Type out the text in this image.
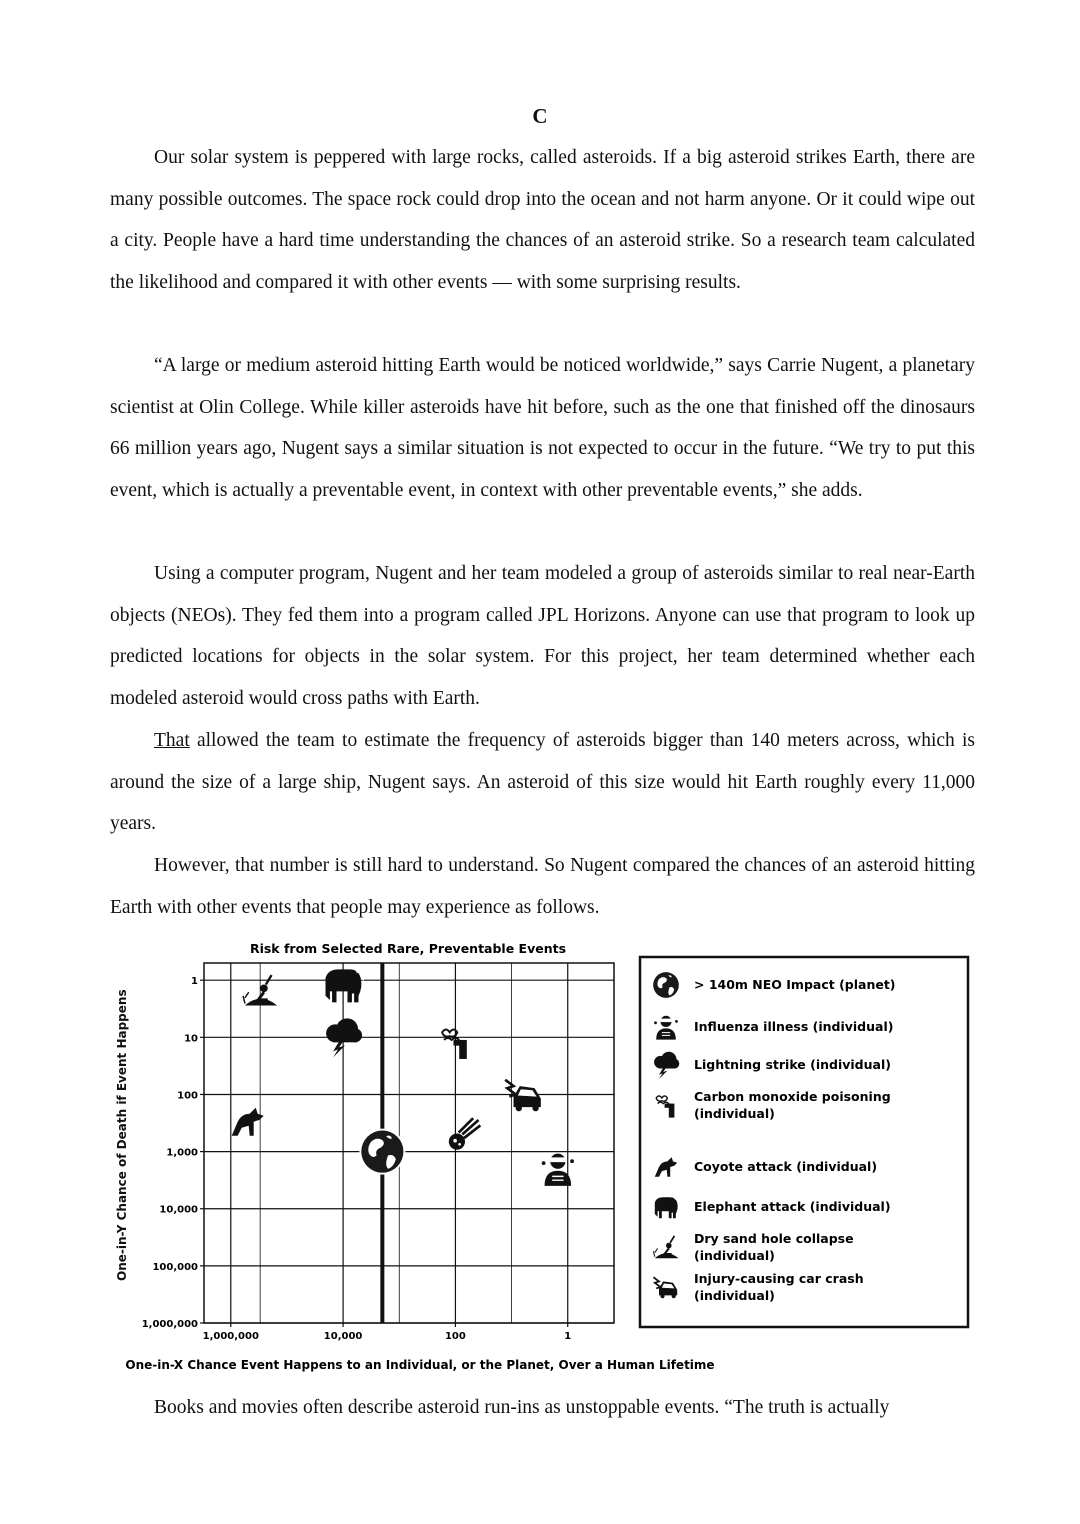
C

Our solar system is peppered with large rocks, called asteroids. If a big asteroid strikes Earth, there are many possible outcomes. The space rock could drop into the ocean and not harm anyone. Or it could wipe out a city. People have a hard time understanding the chances of an asteroid strike. So a research team calculated the likelihood and compared it with other events — with some surprising results.

“A large or medium asteroid hitting Earth would be noticed worldwide,” says Carrie Nugent, a planetary scientist at Olin College. While killer asteroids have hit before, such as the one that finished off the dinosaurs 66 million years ago, Nugent says a similar situation is not expected to occur in the future. “We try to put this event, which is actually a preventable event, in context with other preventable events,” she adds.

Using a computer program, Nugent and her team modeled a group of asteroids similar to real near-Earth objects (NEOs). They fed them into a program called JPL Horizons. Anyone can use that program to look up predicted locations for objects in the solar system. For this project, her team determined whether each modeled asteroid would cross paths with Earth.

That allowed the team to estimate the frequency of asteroids bigger than 140 meters across, which is around the size of a large ship, Nugent says. An asteroid of this size would hit Earth roughly every 11,000 years.

However, that number is still hard to understand. So Nugent compared the chances of an asteroid hitting Earth with other events that people may experience as follows.

Risk from Selected Rare, Preventable Events
One-in-X Chance Event Happens to an Individual, or the Planet, Over a Human Lifetime
1
10
100
1,000
10,000
100,000
1,000,000
1,000,000	10,000	100	1
> 140m NEO Impact (planet)
Influenza illness (individual)
Lightning strike (individual)
Carbon monoxide poisoning
(individual)
Coyote attack (individual)
Elephant attack (individual)
Dry sand hole collapse
(individual)
Injury-causing car crash
(individual)
One-in-Y Chance of Death if Event Happens

Books and movies often describe asteroid run-ins as unstoppable events. “The truth is actually
